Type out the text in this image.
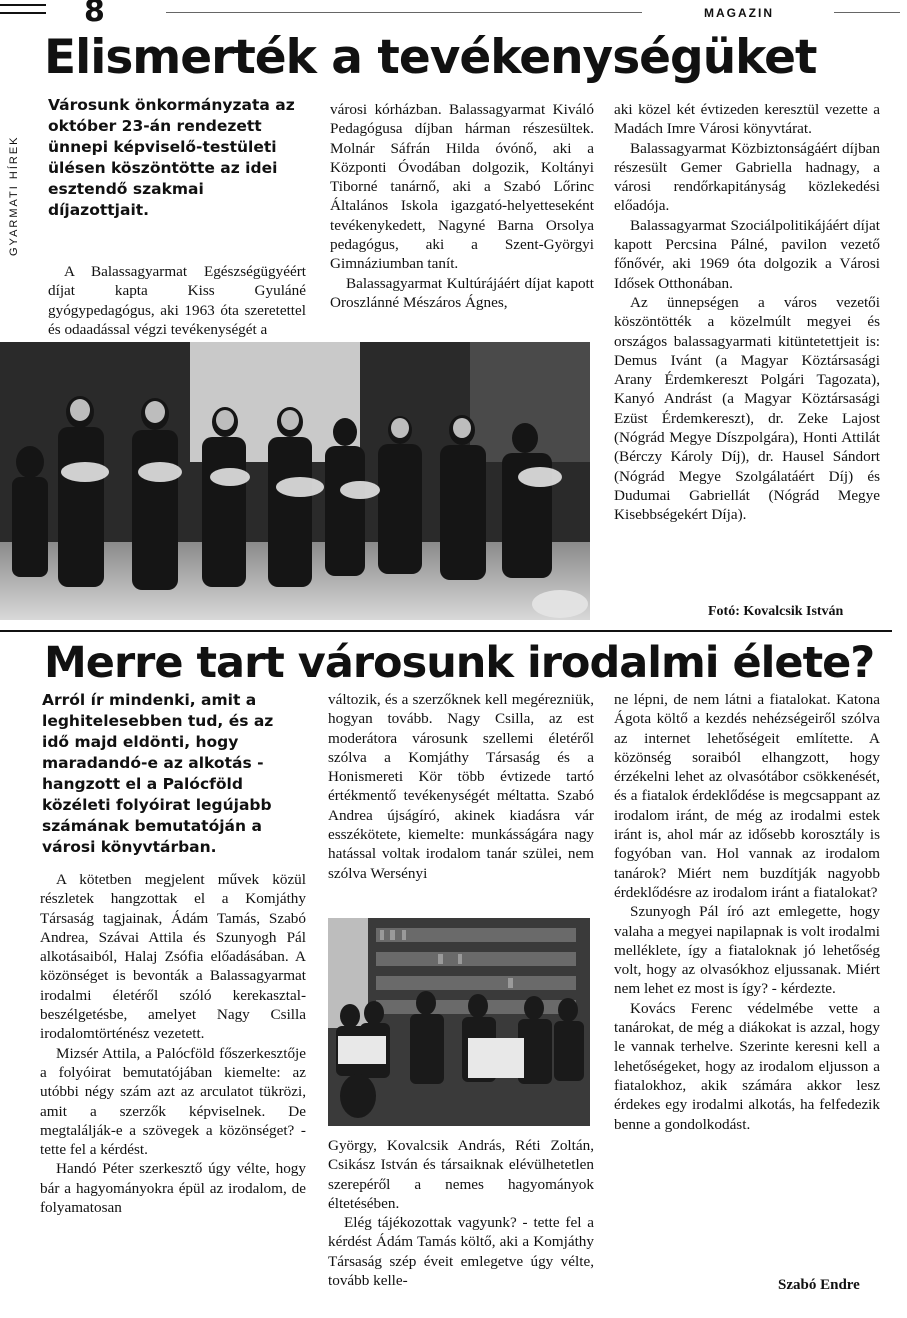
8	MAGAZIN
GYARMATI HÍREK
Elismerték a tevékenységüket
Városunk önkormányzata az október 23-án rendezett ünnepi képviselő-testületi ülésen köszöntötte az idei esztendő szakmai díjazottjait.

A Balassagyarmat Egészségügyéért díjat kapta Kiss Gyuláné gyógypedagógus, aki 1963 óta szeretettel és odaadással végzi tevékenységét a

városi kórházban. Balassagyarmat Kiváló Pedagógusa díjban hárman részesültek. Molnár Sáfrán Hilda óvónő, aki a Központi Óvodában dolgozik, Koltányi Tiborné tanárnő, aki a Szabó Lőrinc Általános Iskola igazgató-helyetteseként tevékenykedett, Nagyné Barna Orsolya pedagógus, aki a Szent-Györgyi Gimnáziumban tanít.

Balassagyarmat Kultúrájáért díjat kapott Oroszlánné Mészáros Ágnes,

aki közel két évtizeden keresztül vezette a Madách Imre Városi könyvtárat.

Balassagyarmat Közbiztonságáért díjban részesült Gemer Gabriella hadnagy, a városi rendőrkapitányság közlekedési előadója.

Balassagyarmat Szociálpolitikájáért díjat kapott Percsina Pálné, pavilon vezető főnővér, aki 1969 óta dolgozik a Városi Idősek Otthonában.

Az ünnepségen a város vezetői köszöntötték a közelmúlt megyei és országos balassagyarmati kitüntetettjeit is: Demus Ivánt (a Magyar Köztársasági Arany Érdemkereszt Polgári Tagozata), Kanyó Andrást (a Magyar Köztársasági Ezüst Érdemkereszt), dr. Zeke Lajost (Nógrád Megye Díszpolgára), Honti Attilát (Bérczy Károly Díj), dr. Hausel Sándort (Nógrád Megye Szolgálatáért Díj) és Dudumai Gabriellát (Nógrád Megye Kisebbségekért Díja).

Fotó: Kovalcsik István
Merre tart városunk irodalmi élete?
Arról ír mindenki, amit a leghitelesebben tud, és az idő majd eldönti, hogy maradandó-e az alkotás - hangzott el a Palócföld közéleti folyóirat legújabb számának bemutatóján a városi könyvtárban.

A kötetben megjelent művek közül részletek hangzottak el a Komjáthy Társaság tagjainak, Ádám Tamás, Szabó Andrea, Szávai Attila és Szunyogh Pál alkotásaiból, Halaj Zsófia előadásában. A közönséget is bevonták a Balassagyarmat irodalmi életéről szóló kerekasztal-beszélgetésbe, amelyet Nagy Csilla irodalomtörténész vezetett.

Mizsér Attila, a Palócföld főszerkesztője a folyóirat bemutatójában kiemelte: az utóbbi négy szám azt az arculatot tükrözi, amit a szerzők képviselnek. De megtalálják-e a szövegek a közönséget? - tette fel a kérdést.

Handó Péter szerkesztő úgy vélte, hogy bár a hagyományokra épül az irodalom, de folyamatosan

változik, és a szerzőknek kell megérezniük, hogyan tovább. Nagy Csilla, az est moderátora városunk szellemi életéről szólva a Komjáthy Társaság és a Honismereti Kör több évtizede tartó értékmentő tevékenységét méltatta. Szabó Andrea újságíró, akinek kiadásra vár esszékötete, kiemelte: munkásságára nagy hatással voltak irodalom tanár szülei, nem szólva Wersényi

György, Kovalcsik András, Réti Zoltán, Csikász István és társaiknak elévülhetetlen szerepéről a nemes hagyományok éltetésében.

Elég tájékozottak vagyunk? - tette fel a kérdést Ádám Tamás költő, aki a Komjáthy Társaság szép éveit emlegetve úgy vélte, tovább kelle-

ne lépni, de nem látni a fiatalokat. Katona Ágota költő a kezdés nehézségeiről szólva az internet lehetőségeit említette. A közönség soraiból elhangzott, hogy érzékelni lehet az olvasótábor csökkenését, és a fiatalok érdeklődése is megcsappant az irodalom iránt, de még az irodalmi estek iránt is, ahol már az idősebb korosztály is fogyóban van. Hol vannak az irodalom tanárok? Miért nem buzdítják nagyobb érdeklődésre az irodalom iránt a fiatalokat?

Szunyogh Pál író azt emlegette, hogy valaha a megyei napilapnak is volt irodalmi melléklete, így a fiataloknak jó lehetőség volt, hogy az olvasókhoz eljussanak. Miért nem lehet ez most is így? - kérdezte.

Kovács Ferenc védelmébe vette a tanárokat, de még a diákokat is azzal, hogy le vannak terhelve. Szerinte keresni kell a lehetőségeket, hogy az irodalom eljusson a fiatalokhoz, akik számára akkor lesz érdekes egy irodalmi alkotás, ha felfedezik benne a gondolkodást.

Szabó Endre
